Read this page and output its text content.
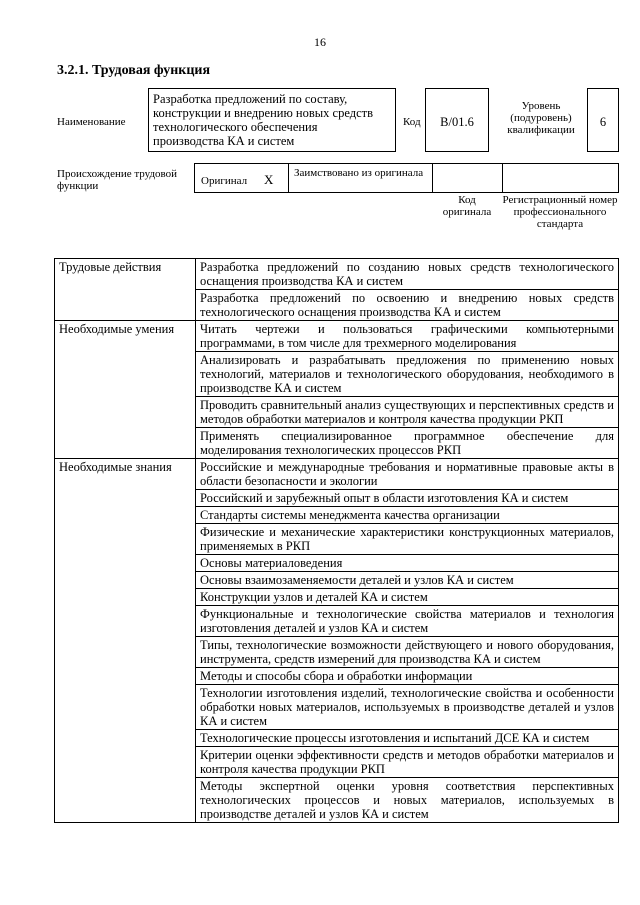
16
3.2.1. Трудовая функция
Наименование
Разработка предложений по составу, конструкции и внедрению новых средств технологического обеспечения производства КА и систем
Код	В/01.6
Уровень (подуровень) квалификации
6
Происхождение трудовой функции	Оригинал X Заимствовано из оригинала
Код оригинала
Регистрационный номер профессионального стандарта
Трудовые действия	Разработка предложений по созданию новых средств технологического оснащения производства КА и систем
	Разработка предложений по освоению и внедрению новых средств технологического оснащения производства КА и систем
Необходимые умения	Читать чертежи и пользоваться графическими компьютерными программами, в том числе для трехмерного моделирования
	Анализировать и разрабатывать предложения по применению новых технологий, материалов и технологического оборудования, необходимого в производстве КА и систем
	Проводить сравнительный анализ существующих и перспективных средств и методов обработки материалов и контроля качества продукции РКП
	Применять специализированное программное обеспечение для моделирования технологических процессов РКП
Необходимые знания	Российские и международные требования и нормативные правовые акты в области безопасности и экологии
	Российский и зарубежный опыт в области изготовления КА и систем
	Стандарты системы менеджмента качества организации
	Физические и механические характеристики конструкционных материалов, применяемых в РКП
	Основы материаловедения
	Основы взаимозаменяемости деталей и узлов КА и систем
	Конструкции узлов и деталей КА и систем
	Функциональные и технологические свойства материалов и технология изготовления деталей и узлов КА и систем
	Типы, технологические возможности действующего и нового оборудования, инструмента, средств измерений для производства КА и систем
	Методы и способы сбора и обработки информации
	Технологии изготовления изделий, технологические свойства и особенности обработки новых материалов, используемых в производстве деталей и узлов КА и систем
	Технологические процессы изготовления и испытаний ДСЕ КА и систем
	Критерии оценки эффективности средств и методов обработки материалов и контроля качества продукции РКП
	Методы экспертной оценки уровня соответствия перспективных технологических процессов и новых материалов, используемых в производстве деталей и узлов КА и систем
